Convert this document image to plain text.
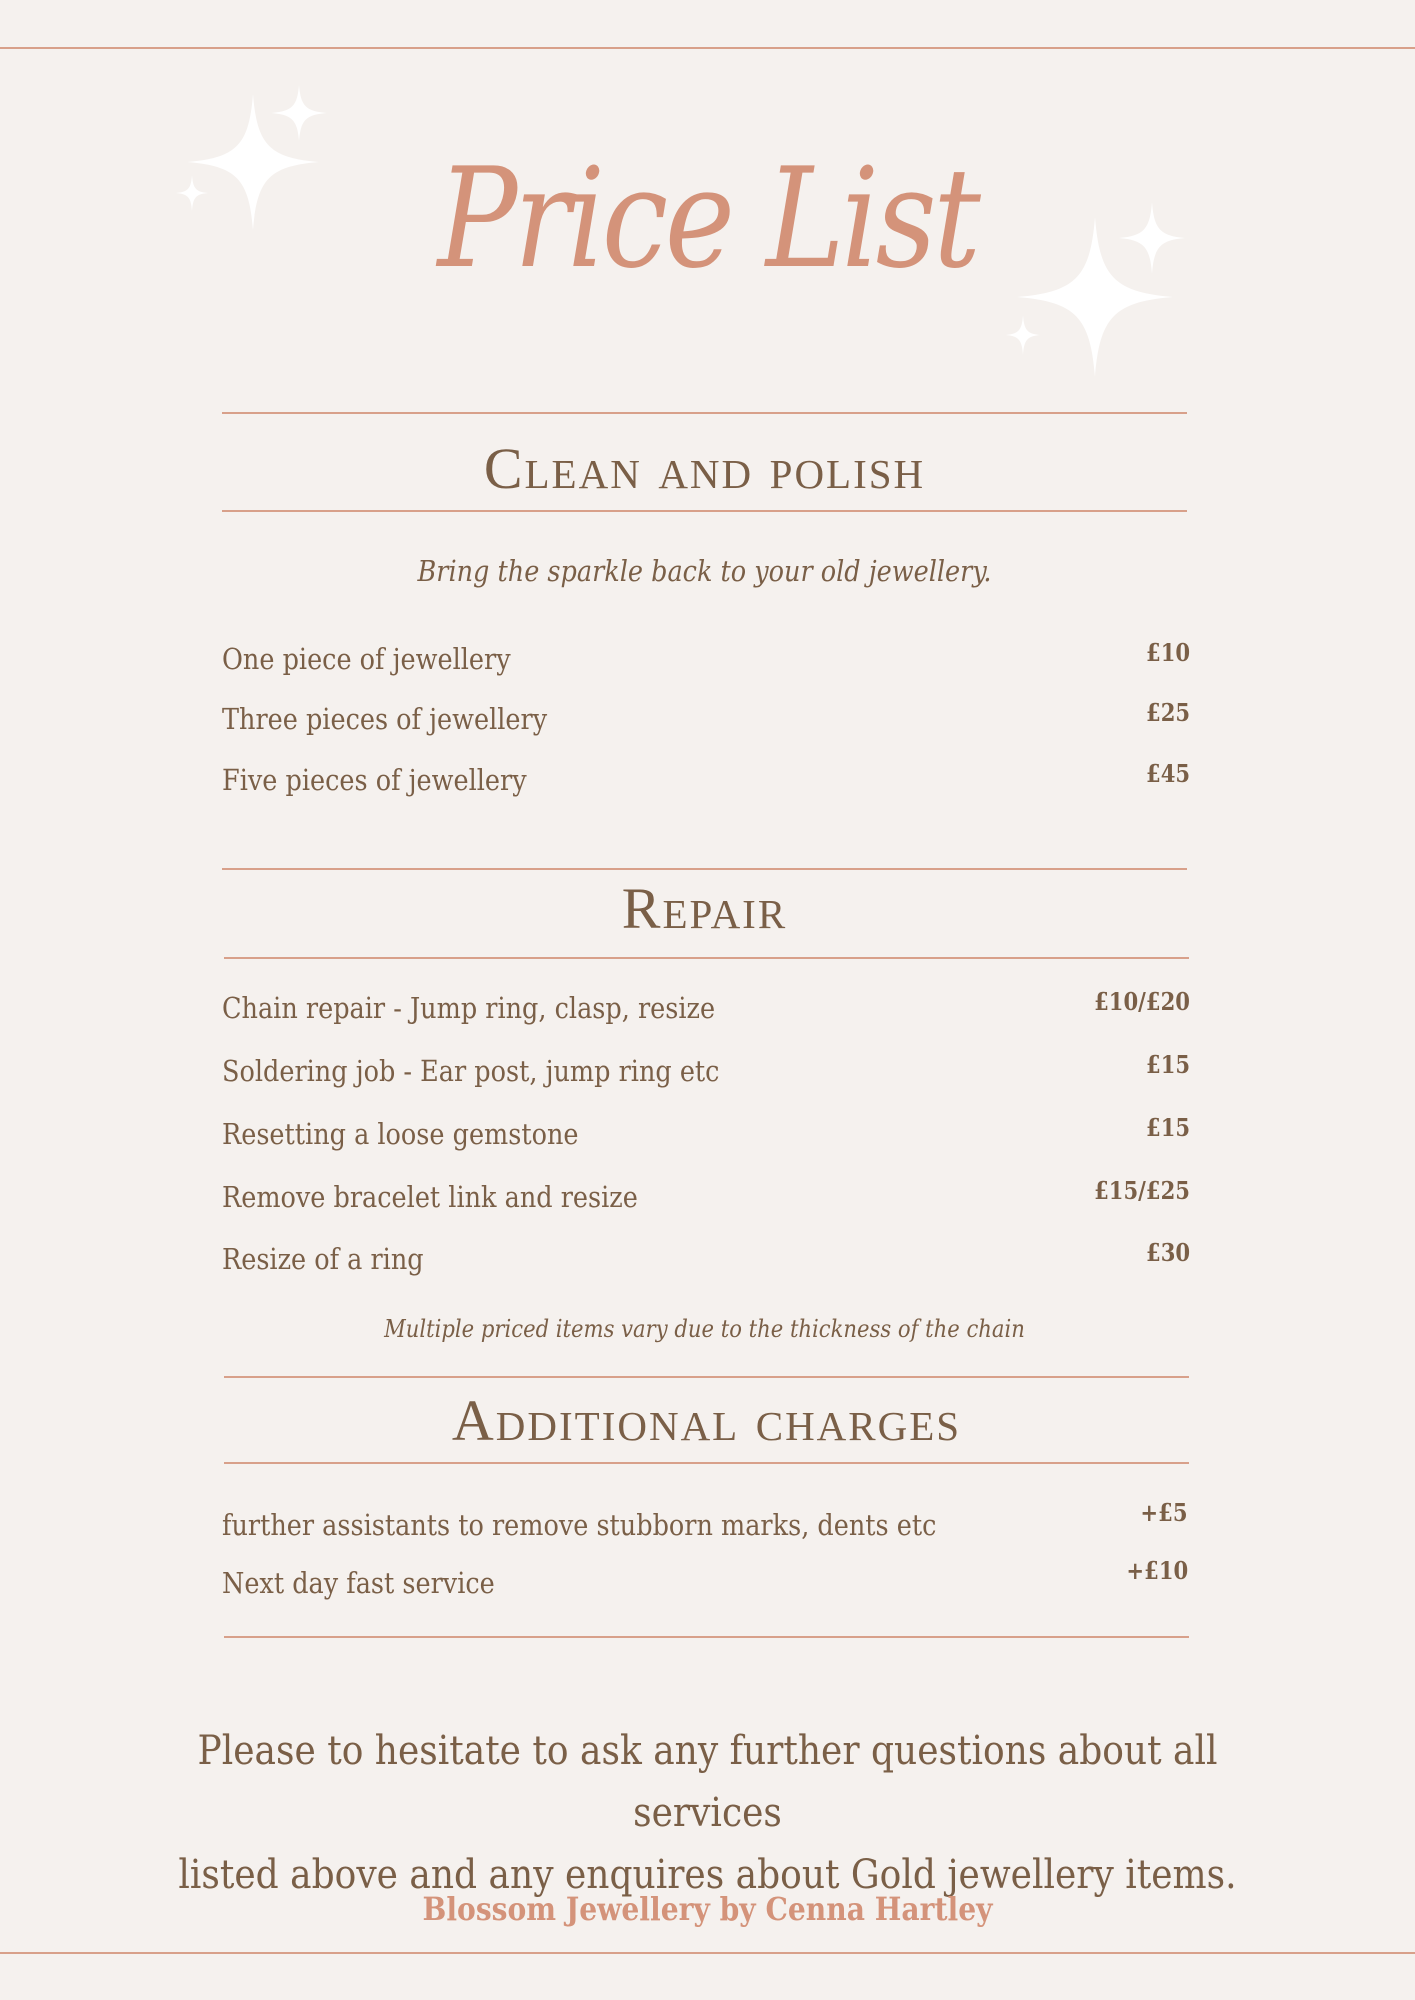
Price List
Clean and polish
Bring the sparkle back to your old jewellery.
One piece of jewellery	£10
Three pieces of jewellery	£25
Five pieces of jewellery	£45
Repair
Chain repair - Jump ring, clasp, resize	£10/£20
Soldering job - Ear post, jump ring etc	£15
Resetting a loose gemstone	£15
Remove bracelet link and resize	£15/£25
Resize of a ring	£30
Multiple priced items vary due to the thickness of the chain
Additional charges
further assistants to remove stubborn marks, dents etc	+£5
Next day fast service	+£10
Please to hesitate to ask any further questions about all services
listed above and any enquires about Gold jewellery items.
Blossom Jewellery by Cenna Hartley
